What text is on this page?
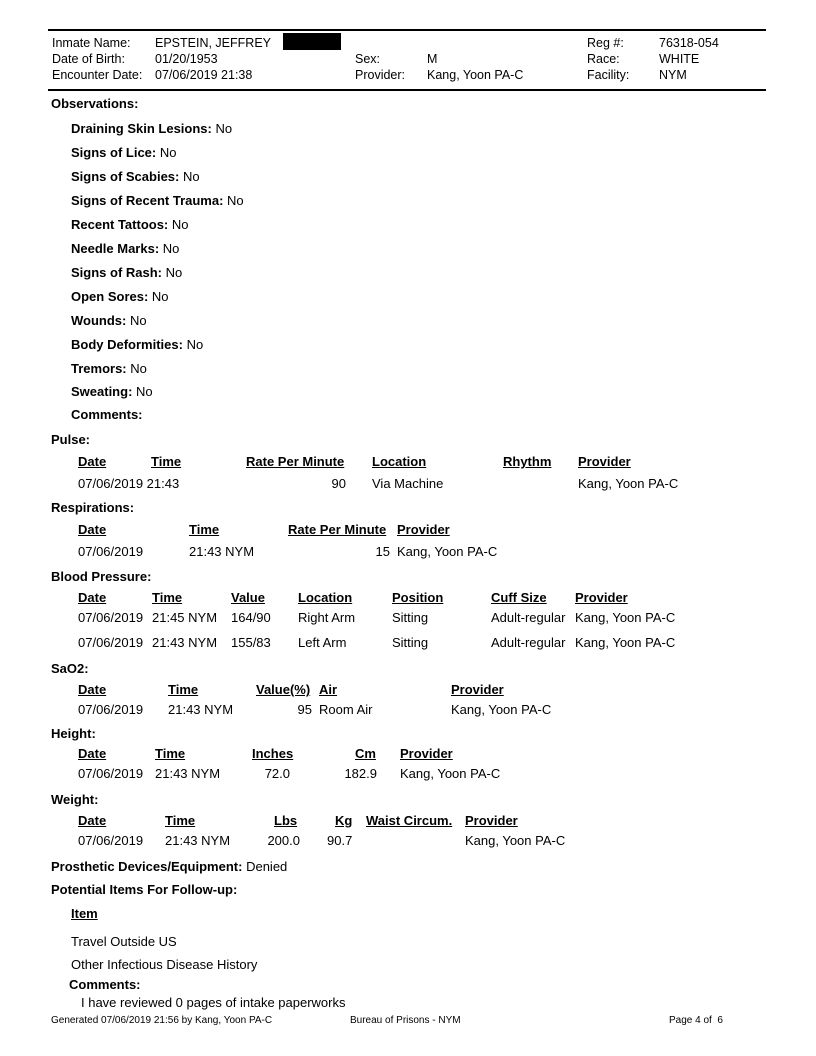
Inmate Name: EPSTEIN, JEFFREY
Date of Birth: 01/20/1953
Encounter Date: 07/06/2019 21:38
Sex:	M
Provider: Kang, Yoon PA-C
Reg #:	76318-054
Race:	WHITE
Facility: NYM
Observations:
Draining Skin Lesions: No
Signs of Lice: No
Signs of Scabies: No
Signs of Recent Trauma: No
Recent Tattoos: No
Needle Marks: No
Signs of Rash: No
Open Sores: No
Wounds: No
Body Deformities: No
Tremors: No
Sweating: No
Comments:
Pulse:
Date	Time	Rate Per Minute Location	Rhythm Provider
07/06/2019 21:43	90 Via Machine	Kang, Yoon PA-C
Respirations:
Date	Time	Rate Per Minute Provider
07/06/2019	21:43 NYM	15 Kang, Yoon PA-C
Blood Pressure:
Date	Time	Value	Location	Position	Cuff Size Provider
07/06/2019 21:45 NYM 164/90 Right Arm	Sitting	Adult-regular Kang, Yoon PA-C
07/06/2019 21:43 NYM 155/83 Left Arm	Sitting	Adult-regular Kang, Yoon PA-C
SaO2:
Date	Time	Value(%) Air	Provider
07/06/2019 21:43 NYM	95 Room Air	Kang, Yoon PA-C
Height:
Date	Time	Inches	Cm Provider
07/06/2019 21:43 NYM	72.0	182.9 Kang, Yoon PA-C
Weight:
Date	Time	Lbs	Kg Waist Circum. Provider
07/06/2019 21:43 NYM	200.0 90.7	Kang, Yoon PA-C
Prosthetic Devices/Equipment: Denied
Potential Items For Follow-up:
Item
Travel Outside US
Other Infectious Disease History
Comments:
I have reviewed 0 pages of intake paperworks
Generated 07/06/2019 21:56 by Kang, Yoon PA-C	Bureau of Prisons - NYM	Page 4 of  6
